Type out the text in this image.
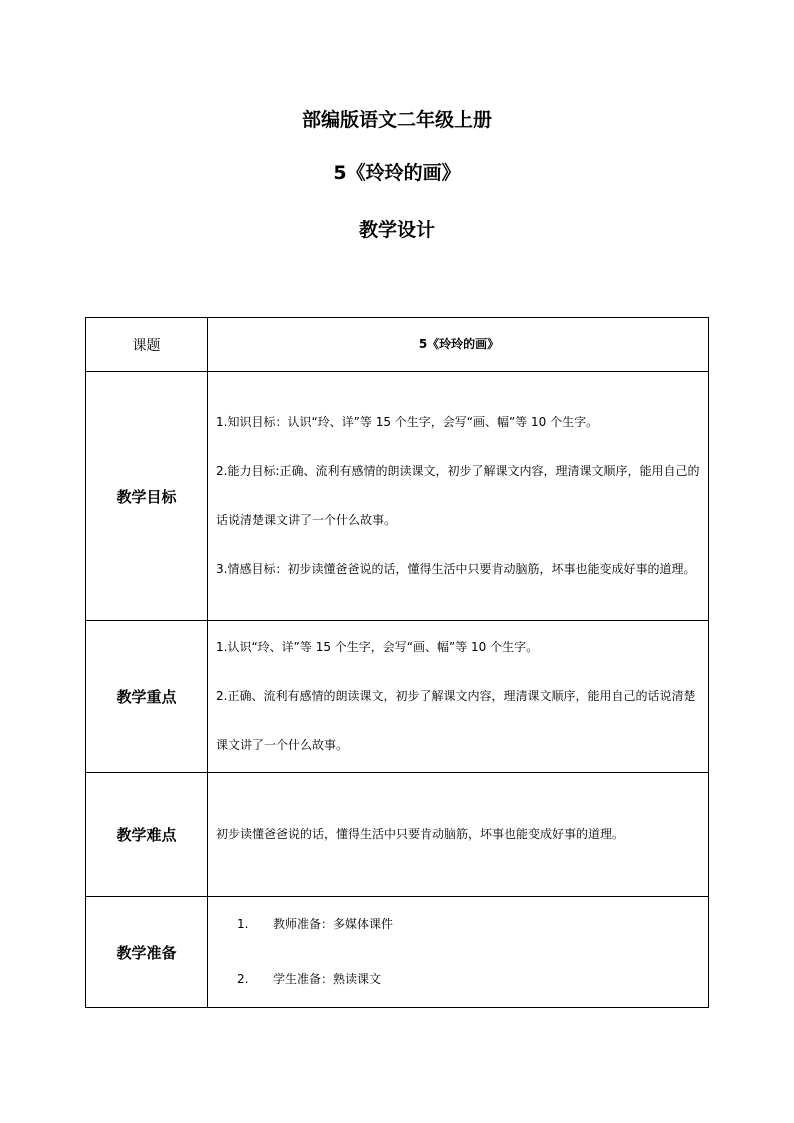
部编版语文二年级上册
5《玲玲的画》
教学设计
课题	5《玲玲的画》
教学目标	1.知识目标：认识“玲、详”等 15 个生字，会写“画、幅”等 10 个生字。

2.能力目标:正确、流利有感情的朗读课文，初步了解课文内容，理清课文顺序，能用自己的话说清楚课文讲了一个什么故事。

3.情感目标：初步读懂爸爸说的话，懂得生活中只要肯动脑筋，坏事也能变成好事的道理。

教学重点	1.认识“玲、详”等 15 个生字，会写“画、幅”等 10 个生字。

2.正确、流利有感情的朗读课文，初步了解课文内容，理清课文顺序，能用自己的话说清楚课文讲了一个什么故事。

教学难点	初步读懂爸爸说的话，懂得生活中只要肯动脑筋，坏事也能变成好事的道理。

教学准备	1. 教师准备：多媒体课件
2. 学生准备：熟读课文
